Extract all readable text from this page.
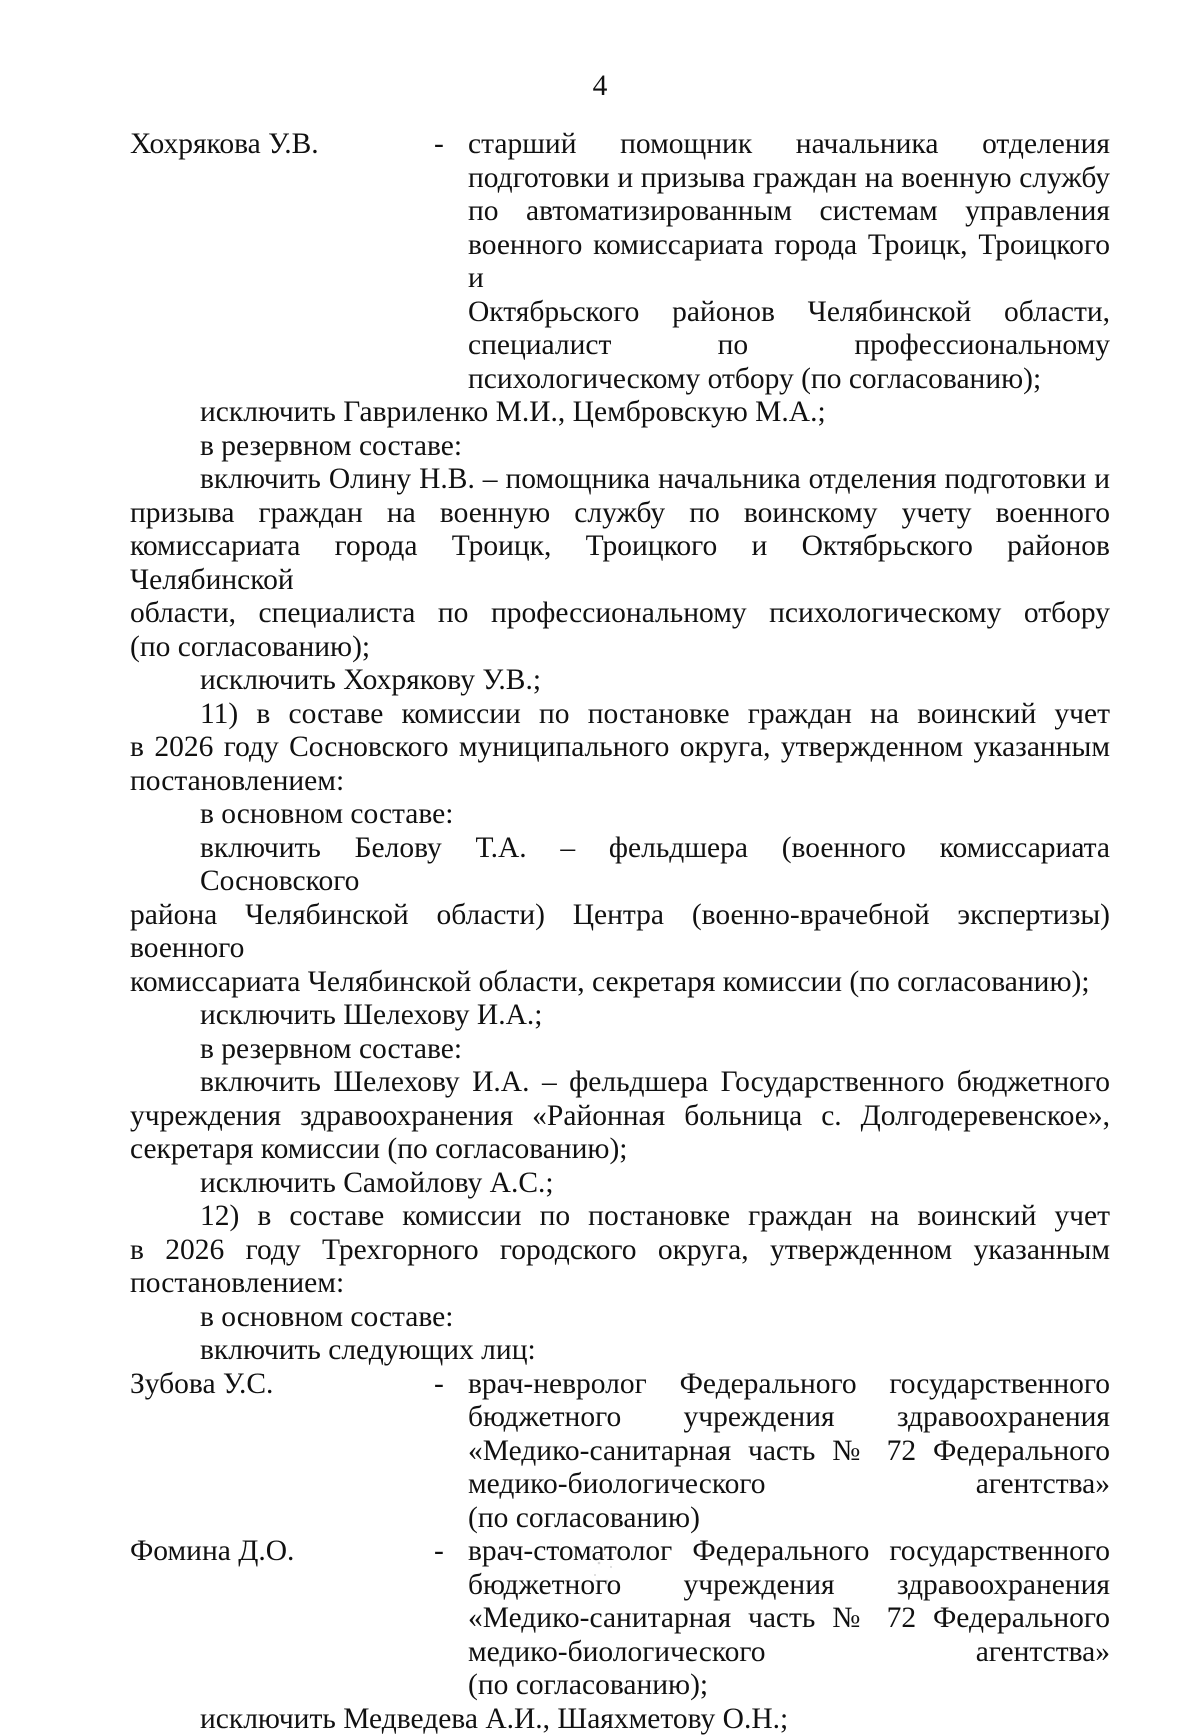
4
Хохрякова У.В.	- старший помощник начальника отделения
подготовки и призыва граждан на военную службу
по автоматизированным системам управления
военного комиссариата города Троицк, Троицкого и
Октябрьского районов Челябинской области,
специалист по профессиональному
психологическому отбору (по согласованию);

исключить Гавриленко М.И., Цембровскую М.А.;

в резервном составе:

включить Олину Н.В. – помощника начальника отделения подготовки и
призыва граждан на военную службу по воинскому учету военного
комиссариата города Троицк, Троицкого и Октябрьского районов Челябинской
области, специалиста по профессиональному психологическому отбору
(по согласованию);

исключить Хохрякову У.В.;

11) в составе комиссии по постановке граждан на воинский учет
в 2026 году Сосновского муниципального округа, утвержденном указанным
постановлением:

в основном составе:

включить Белову Т.А. – фельдшера (военного комиссариата Сосновского
района Челябинской области) Центра (военно-врачебной экспертизы) военного
комиссариата Челябинской области, секретаря комиссии (по согласованию);

исключить Шелехову И.А.;

в резервном составе:

включить Шелехову И.А. – фельдшера Государственного бюджетного
учреждения здравоохранения «Районная больница с. Долгодеревенское»,
секретаря комиссии (по согласованию);

исключить Самойлову А.С.;

12) в составе комиссии по постановке граждан на воинский учет
в 2026 году Трехгорного городского округа, утвержденном указанным
постановлением:

в основном составе:

включить следующих лиц:

Зубова У.С.	- врач-невролог Федерального государственного
бюджетного учреждения здравоохранения
«Медико-санитарная часть № 72 Федерального
медико-биологического агентства»
(по согласованию)
Фомина Д.О.	- врач-стоматолог Федерального государственного
бюджетного учреждения здравоохранения
«Медико-санитарная часть № 72 Федерального
медико-биологического агентства»
(по согласованию);

исключить Медведева А.И., Шаяхметову О.Н.;
